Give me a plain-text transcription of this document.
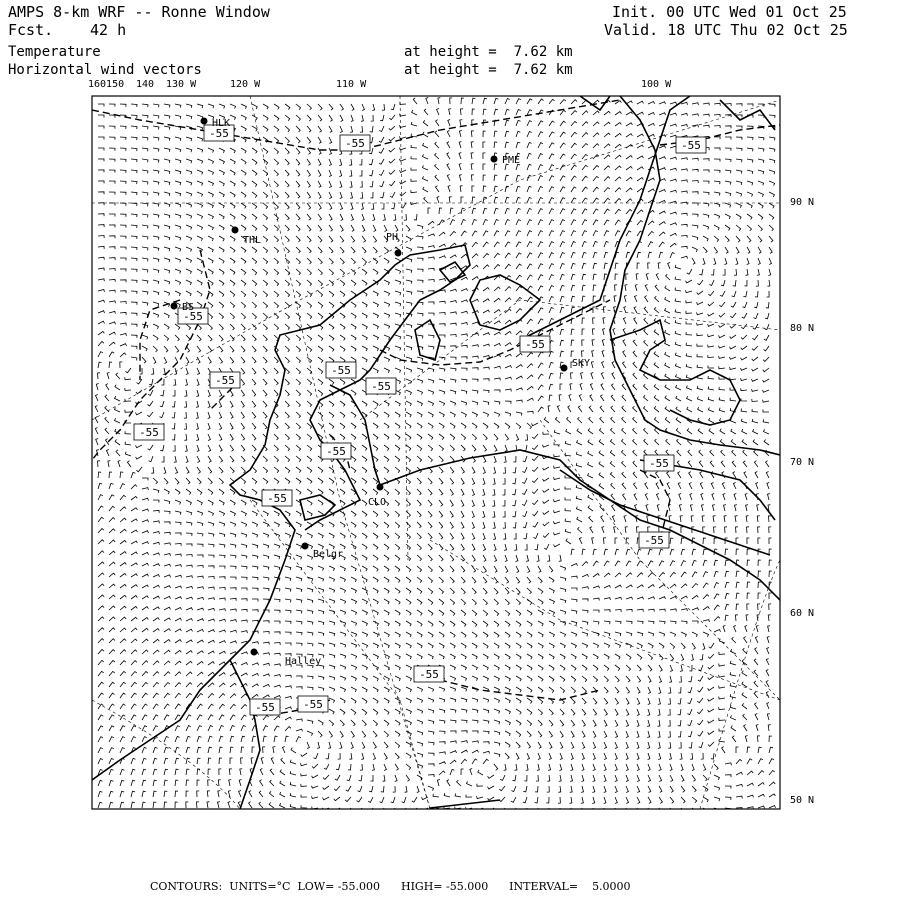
AMPS 8-km WRF -- Ronne Window
Fcst. 42 h
Init. 00 UTC Wed 01 Oct 25
Valid. 18 UTC Thu 02 Oct 25
Temperature
Horizontal wind vectors
at height =  7.62 km
at height =  7.62 km
160150 140 130 W	120 W	110 W	100 W
90 N
80 N
70 N
60 N
50 N
-55
-55	-55
-55
-55
-55
-55
-55
-55
-55
-55
-55
-55
-55
-55
-55
HLK
PME
THL	PH
BS
SKY
CLO
Belgr
Halley
CONTOURS:  UNITS=°C  LOW= -55.000      HIGH= -55.000      INTERVAL=    5.0000
